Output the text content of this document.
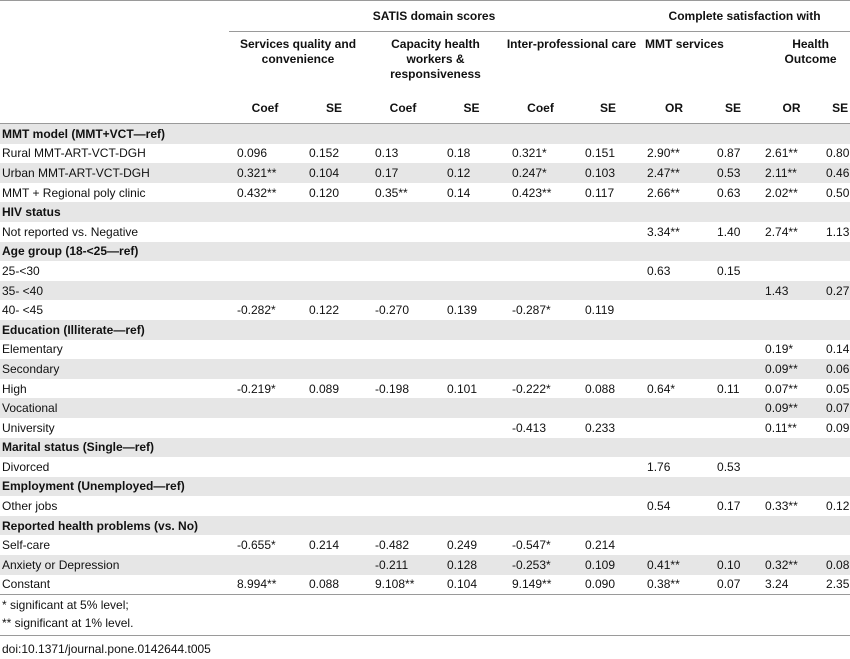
	SATIS domain scores						Complete satisfaction with			
	Services quality and convenience		Capacity health workers & responsiveness		Inter-professional care		MMT services		Health Outcome	
	Coef	SE	Coef	SE	Coef	SE	OR	SE	OR	SE
MMT model (MMT+VCT—ref)										
Rural MMT-ART-VCT-DGH	0.096	0.152	0.13	0.18	0.321*	0.151	2.90**	0.87	2.61**	0.80
Urban MMT-ART-VCT-DGH	0.321**	0.104	0.17	0.12	0.247*	0.103	2.47**	0.53	2.11**	0.46
MMT + Regional poly clinic	0.432**	0.120	0.35**	0.14	0.423**	0.117	2.66**	0.63	2.02**	0.50
HIV status										
Not reported vs. Negative							3.34**	1.40	2.74**	1.13
Age group (18-<25—ref)										
25-<30							0.63	0.15		
35- <40									1.43	0.27
40- <45	-0.282*	0.122	-0.270	0.139	-0.287*	0.119				
Education (Illiterate—ref)										
Elementary									0.19*	0.14
Secondary									0.09**	0.06
High	-0.219*	0.089	-0.198	0.101	-0.222*	0.088	0.64*	0.11	0.07**	0.05
Vocational									0.09**	0.07
University					-0.413	0.233			0.11**	0.09
Marital status (Single—ref)										
Divorced							1.76	0.53		
Employment (Unemployed—ref)										
Other jobs							0.54	0.17	0.33**	0.12
Reported health problems (vs. No)										
Self-care	-0.655*	0.214	-0.482	0.249	-0.547*	0.214				
Anxiety or Depression			-0.211	0.128	-0.253*	0.109	0.41**	0.10	0.32**	0.08
Constant	8.994**	0.088	9.108**	0.104	9.149**	0.090	0.38**	0.07	3.24	2.35
* significant at 5% level;
** significant at 1% level.
doi:10.1371/journal.pone.0142644.t005
